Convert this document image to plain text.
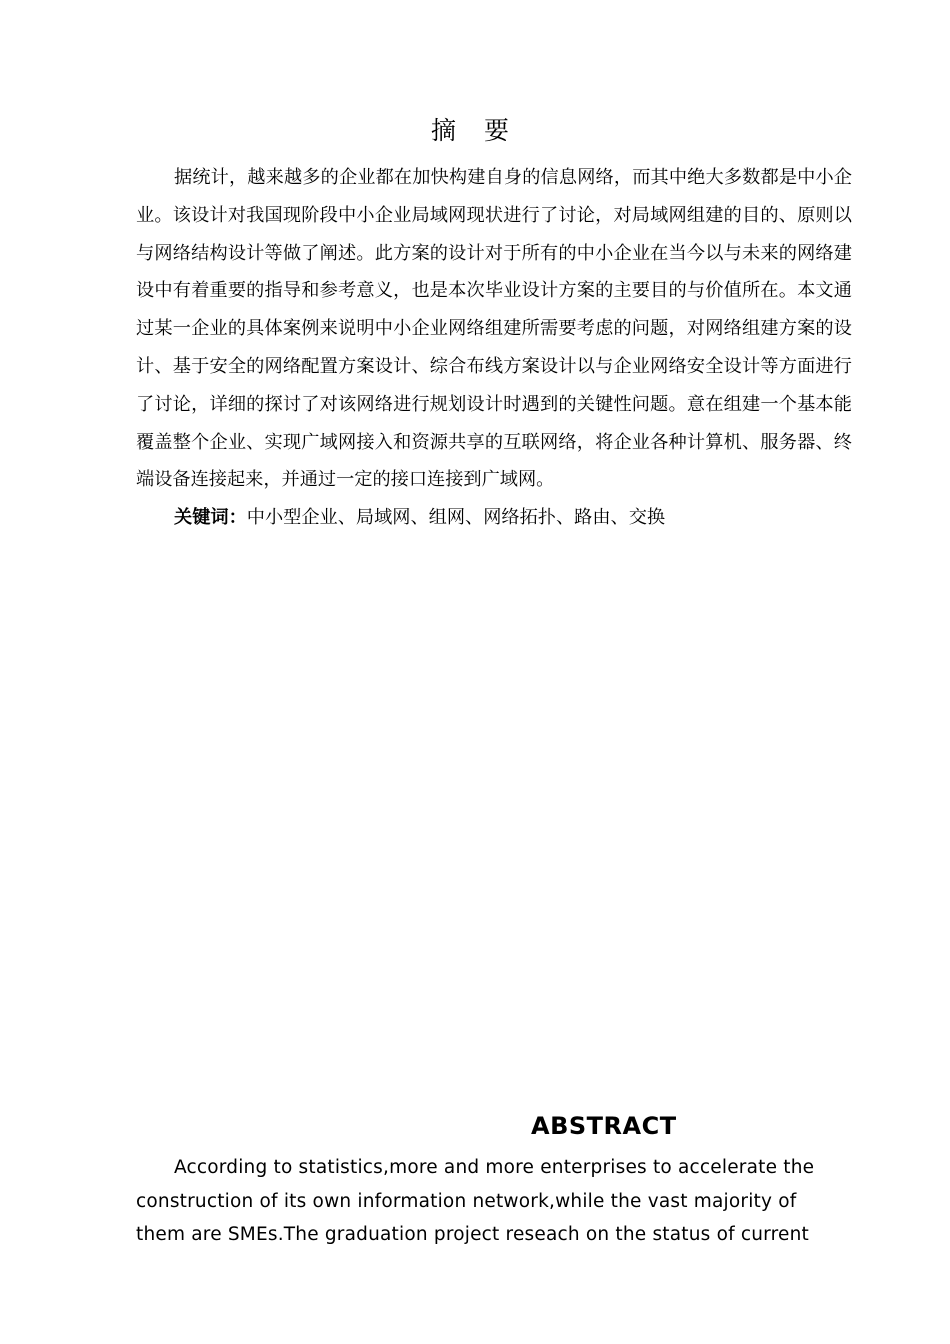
摘 要

据统计，越来越多的企业都在加快构建自身的信息网络，而其中绝大多数都是中小企业。该设计对我国现阶段中小企业局域网现状进行了讨论，对局域网组建的目的、原则以与网络结构设计等做了阐述。此方案的设计对于所有的中小企业在当今以与未来的网络建设中有着重要的指导和参考意义，也是本次毕业设计方案的主要目的与价值所在。本文通过某一企业的具体案例来说明中小企业网络组建所需要考虑的问题，对网络组建方案的设计、基于安全的网络配置方案设计、综合布线方案设计以与企业网络安全设计等方面进行了讨论，详细的探讨了对该网络进行规划设计时遇到的关键性问题。意在组建一个基本能覆盖整个企业、实现广域网接入和资源共享的互联网络，将企业各种计算机、服务器、终端设备连接起来，并通过一定的接口连接到广域网。

关键词：中小型企业、局域网、组网、网络拓扑、路由、交换

ABSTRACT
According to statistics,more and more enterprises to accelerate the
construction of its own information network,while the vast majority of
them are SMEs.The graduation project reseach on the status of current
